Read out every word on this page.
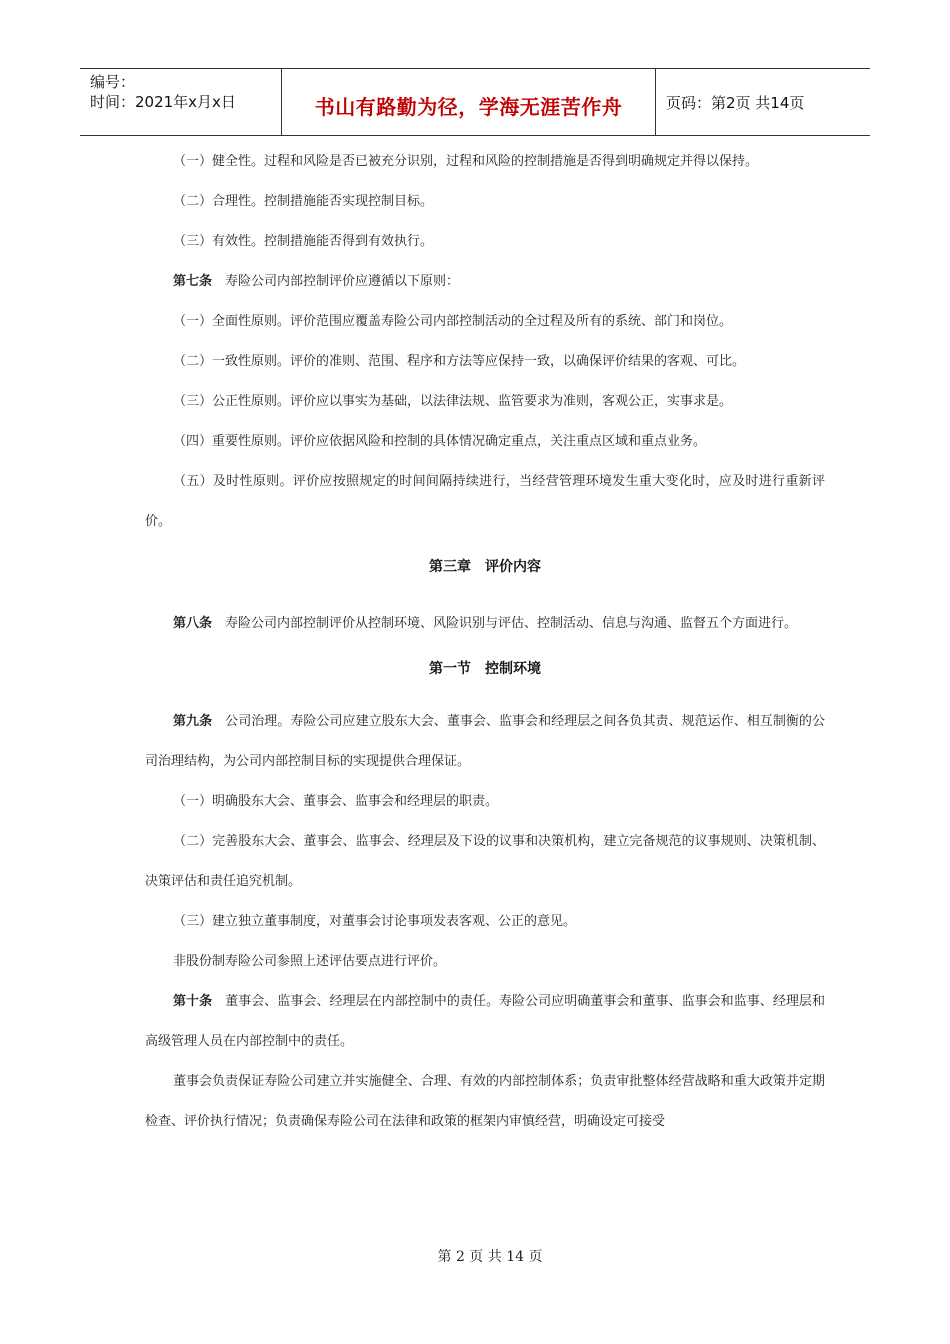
编号：
时间：2021年x月x日	书山有路勤为径，学海无涯苦作舟	页码：第2页 共14页

（一）健全性。过程和风险是否已被充分识别，过程和风险的控制措施是否得到明确规定并得以保持。

（二）合理性。控制措施能否实现控制目标。

（三）有效性。控制措施能否得到有效执行。

第七条　 寿险公司内部控制评价应遵循以下原则：

（一）全面性原则。评价范围应覆盖寿险公司内部控制活动的全过程及所有的系统、部门和岗位。

（二）一致性原则。评价的准则、范围、程序和方法等应保持一致，以确保评价结果的客观、可比。

（三）公正性原则。评价应以事实为基础，以法律法规、监管要求为准则，客观公正，实事求是。

（四）重要性原则。评价应依据风险和控制的具体情况确定重点，关注重点区域和重点业务。

（五）及时性原则。评价应按照规定的时间间隔持续进行，当经营管理环境发生重大变化时，应及时进行重新评价。

第三章　评价内容

第八条　 寿险公司内部控制评价从控制环境、风险识别与评估、控制活动、信息与沟通、监督五个方面进行。

第一节　控制环境

第九条　 公司治理。寿险公司应建立股东大会、董事会、监事会和经理层之间各负其责、规范运作、相互制衡的公司治理结构，为公司内部控制目标的实现提供合理保证。

（一）明确股东大会、董事会、监事会和经理层的职责。

（二）完善股东大会、董事会、监事会、经理层及下设的议事和决策机构，建立完备规范的议事规则、决策机制、决策评估和责任追究机制。

（三）建立独立董事制度，对董事会讨论事项发表客观、公正的意见。

非股份制寿险公司参照上述评估要点进行评价。

第十条　 董事会、监事会、经理层在内部控制中的责任。寿险公司应明确董事会和董事、监事会和监事、经理层和高级管理人员在内部控制中的责任。

董事会负责保证寿险公司建立并实施健全、合理、有效的内部控制体系；负责审批整体经营战略和重大政策并定期检查、评价执行情况；负责确保寿险公司在法律和政策的框架内审慎经营，明确设定可接受

第 2 页 共 14 页
